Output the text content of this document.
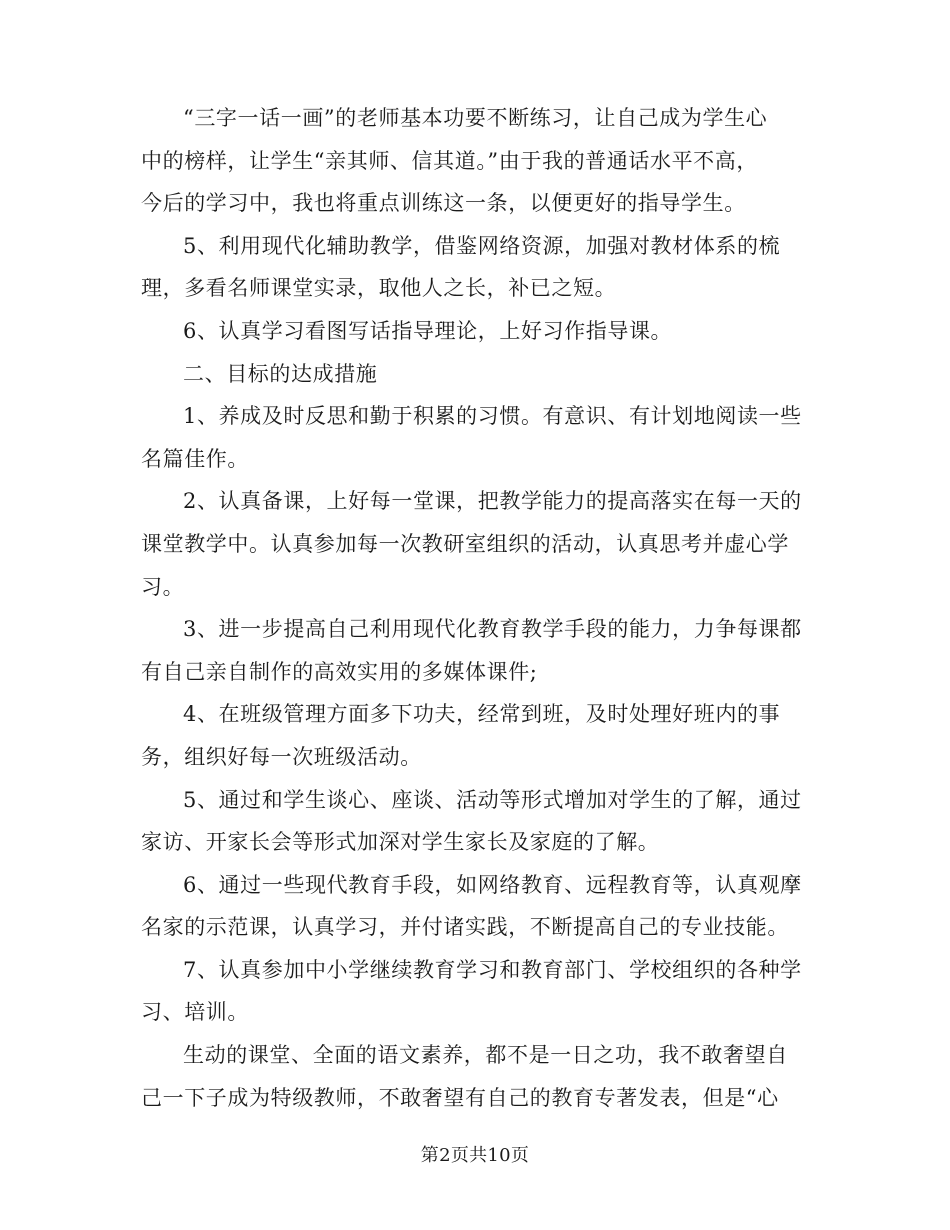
“三字一话一画”的老师基本功要不断练习，让自己成为学生心
中的榜样，让学生“亲其师、信其道。”由于我的普通话水平不高，
今后的学习中，我也将重点训练这一条，以便更好的指导学生。

5、利用现代化辅助教学，借鉴网络资源，加强对教材体系的梳
理，多看名师课堂实录，取他人之长，补已之短。

6、认真学习看图写话指导理论，上好习作指导课。

二、目标的达成措施

1、养成及时反思和勤于积累的习惯。有意识、有计划地阅读一些
名篇佳作。

2、认真备课，上好每一堂课，把教学能力的提高落实在每一天的
课堂教学中。认真参加每一次教研室组织的活动，认真思考并虚心学
习。

3、进一步提高自己利用现代化教育教学手段的能力，力争每课都
有自己亲自制作的高效实用的多媒体课件;

4、在班级管理方面多下功夫，经常到班，及时处理好班内的事
务，组织好每一次班级活动。

5、通过和学生谈心、座谈、活动等形式增加对学生的了解，通过
家访、开家长会等形式加深对学生家长及家庭的了解。

6、通过一些现代教育手段，如网络教育、远程教育等，认真观摩
名家的示范课，认真学习，并付诸实践，不断提高自己的专业技能。

7、认真参加中小学继续教育学习和教育部门、学校组织的各种学
习、培训。

生动的课堂、全面的语文素养，都不是一日之功，我不敢奢望自
己一下子成为特级教师，不敢奢望有自己的教育专著发表，但是“心

第2页共10页
